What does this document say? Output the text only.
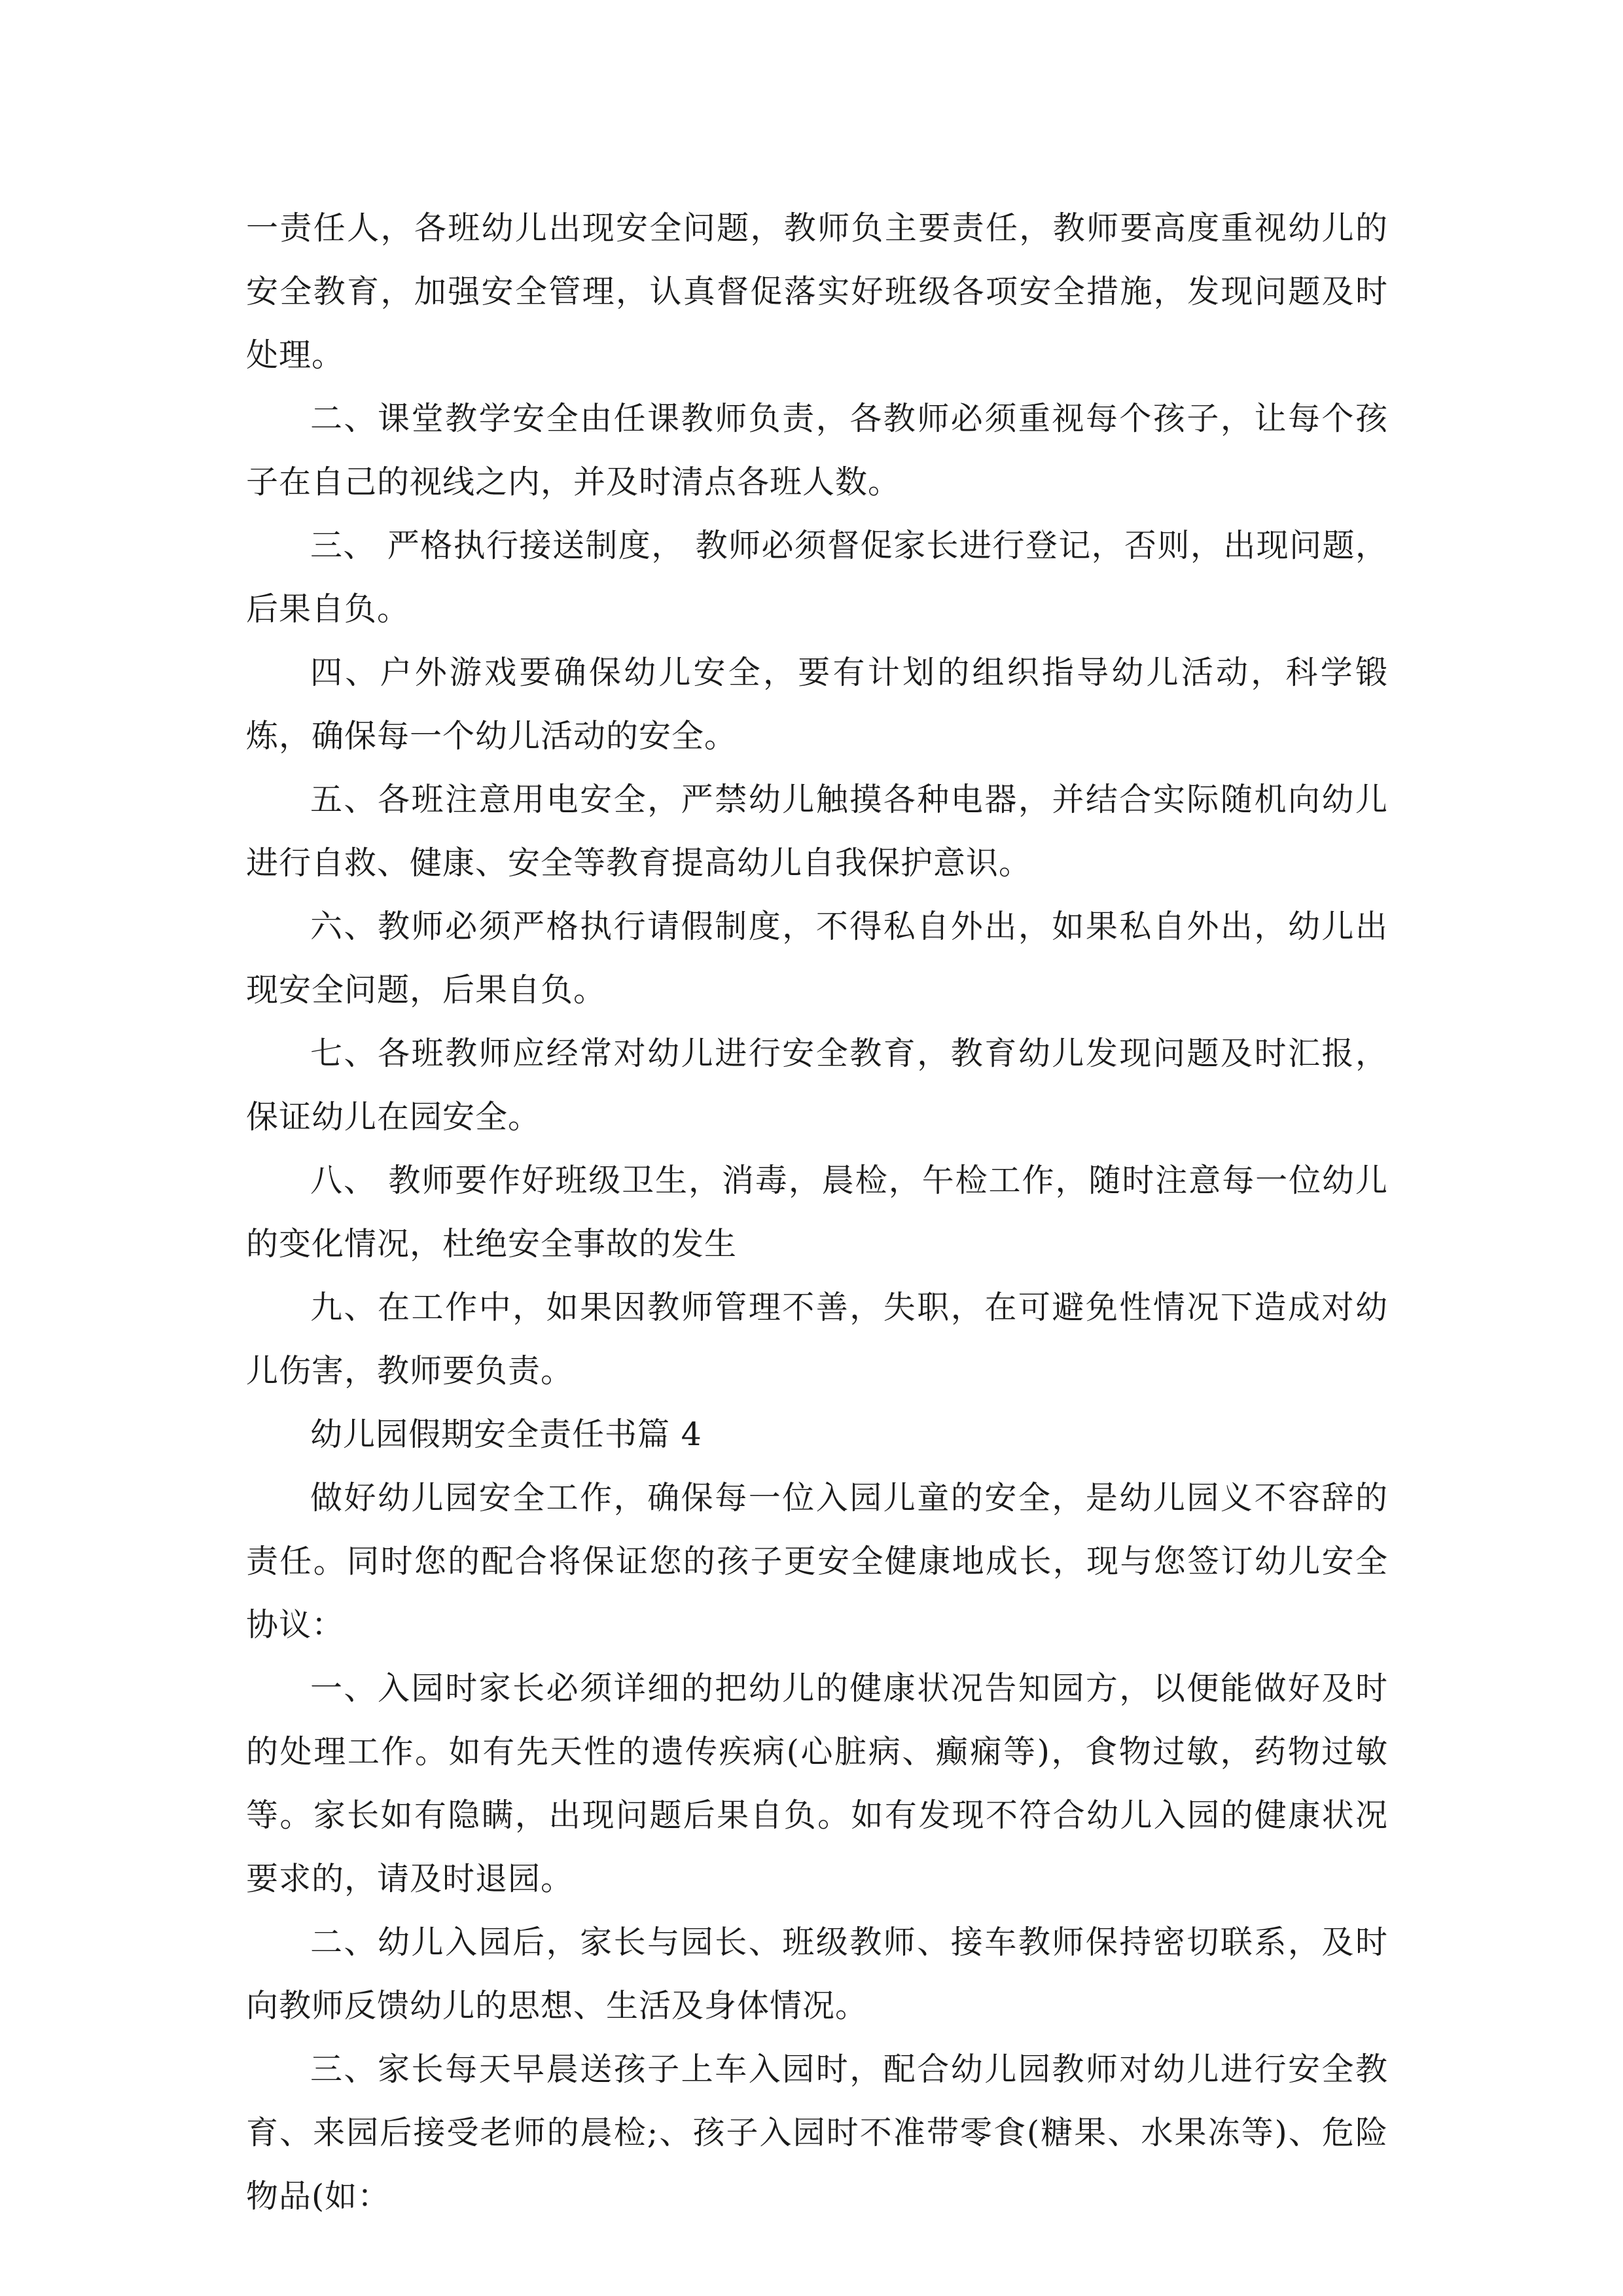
一责任人，各班幼儿出现安全问题，教师负主要责任，教师要高度重视幼儿的安全教育，加强安全管理，认真督促落实好班级各项安全措施，发现问题及时处理。

二、课堂教学安全由任课教师负责，各教师必须重视每个孩子，让每个孩子在自己的视线之内，并及时清点各班人数。

三、 严格执行接送制度， 教师必须督促家长进行登记，否则，出现问题，后果自负。

四、户外游戏要确保幼儿安全，要有计划的组织指导幼儿活动，科学锻炼，确保每一个幼儿活动的安全。

五、各班注意用电安全，严禁幼儿触摸各种电器，并结合实际随机向幼儿进行自救、健康、安全等教育提高幼儿自我保护意识。

六、教师必须严格执行请假制度，不得私自外出，如果私自外出，幼儿出现安全问题，后果自负。

七、各班教师应经常对幼儿进行安全教育，教育幼儿发现问题及时汇报，保证幼儿在园安全。

八、 教师要作好班级卫生，消毒，晨检，午检工作，随时注意每一位幼儿的变化情况，杜绝安全事故的发生

九、在工作中，如果因教师管理不善，失职，在可避免性情况下造成对幼儿伤害，教师要负责。

幼儿园假期安全责任书篇 4

做好幼儿园安全工作，确保每一位入园儿童的安全，是幼儿园义不容辞的责任。同时您的配合将保证您的孩子更安全健康地成长，现与您签订幼儿安全协议：

一、入园时家长必须详细的把幼儿的健康状况告知园方，以便能做好及时的处理工作。如有先天性的遗传疾病(心脏病、癫痫等)，食物过敏，药物过敏等。家长如有隐瞒，出现问题后果自负。如有发现不符合幼儿入园的健康状况要求的，请及时退园。

二、幼儿入园后，家长与园长、班级教师、接车教师保持密切联系，及时向教师反馈幼儿的思想、生活及身体情况。

三、家长每天早晨送孩子上车入园时，配合幼儿园教师对幼儿进行安全教育、来园后接受老师的晨检;、孩子入园时不准带零食(糖果、水果冻等)、危险物品(如：
